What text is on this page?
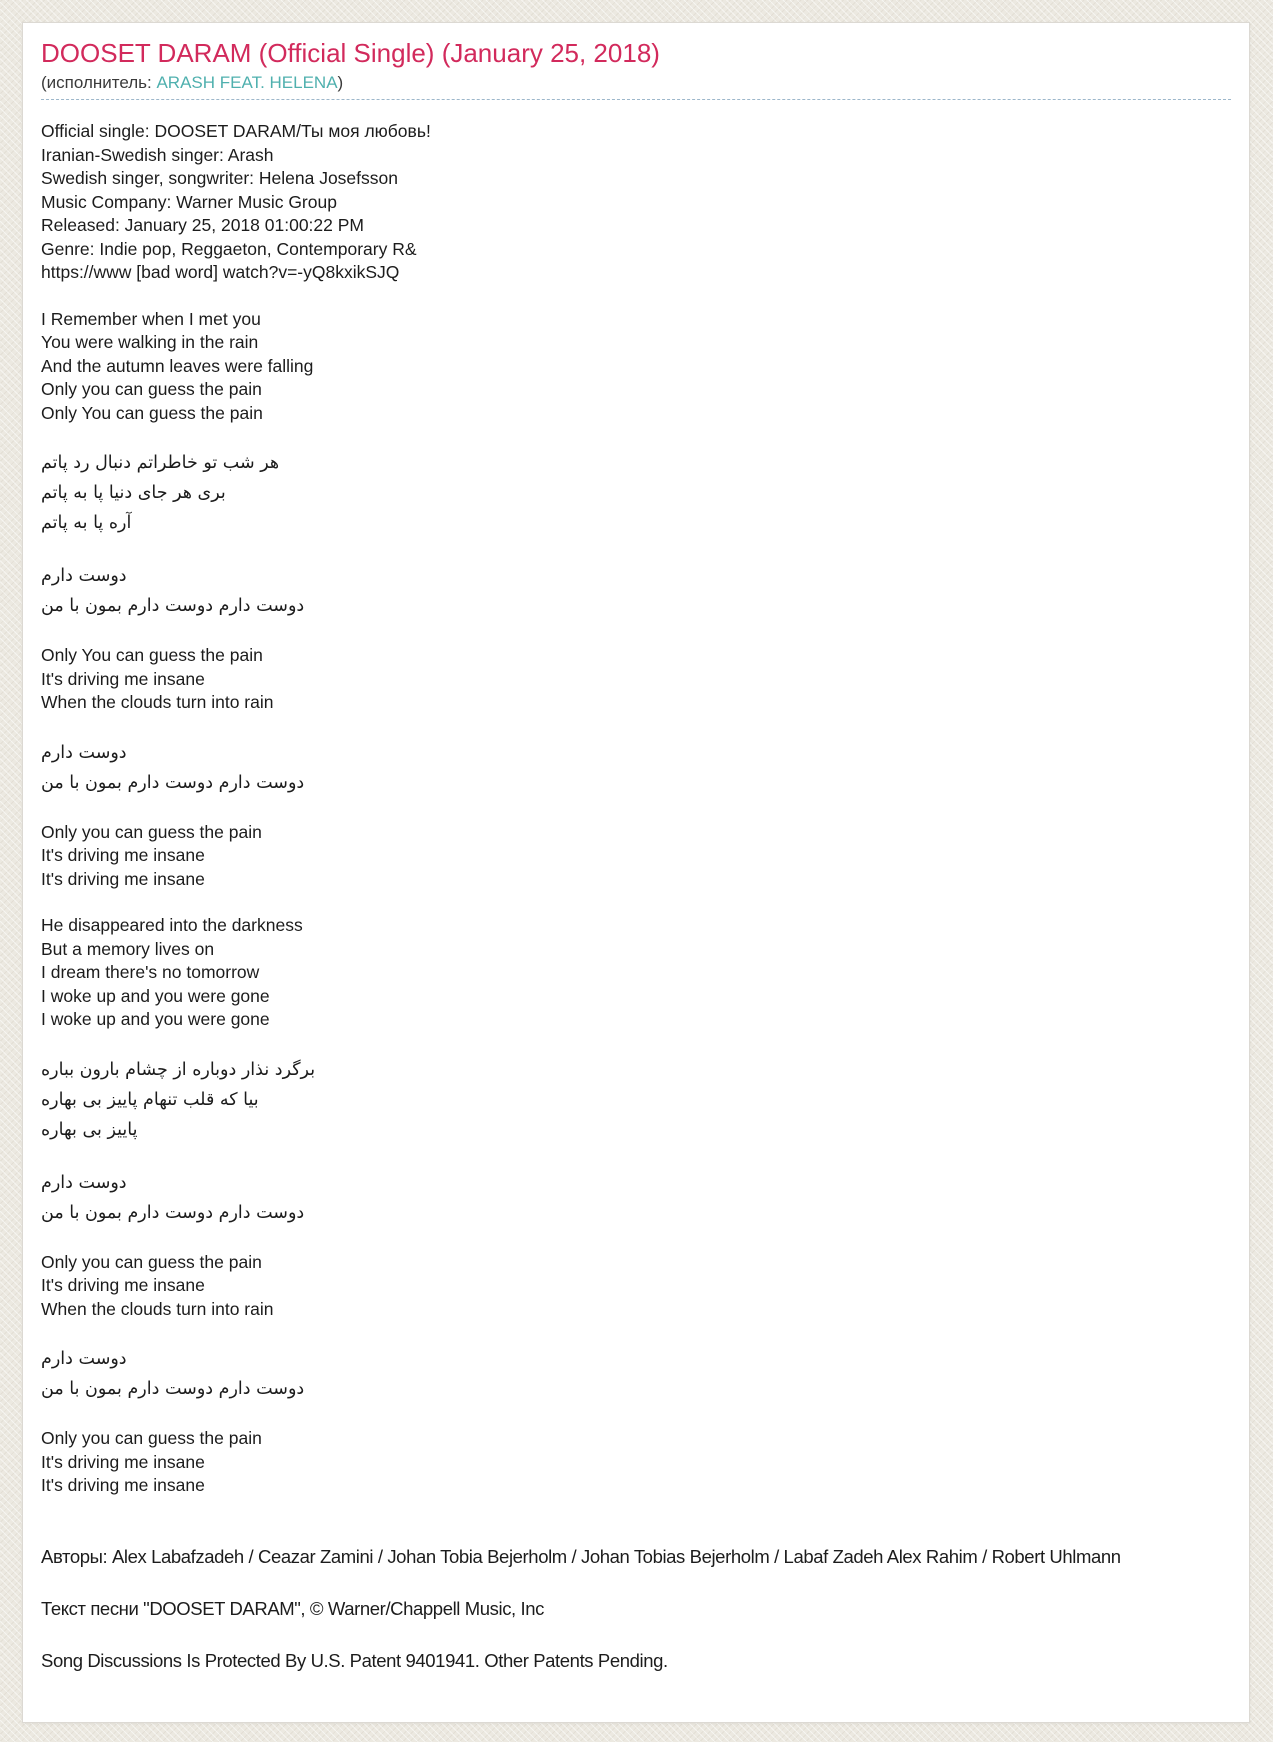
DOOSET DARAM (Official Single) (January 25, 2018)
(исполнитель: ARASH FEAT. HELENA)
Official single: DOOSET DARAM/Ты моя любовь!
Iranian-Swedish singer: Arash
Swedish singer, songwriter: Helena Josefsson
Music Company: Warner Music Group
Released: January 25, 2018 01:00:22 PM
Genre: Indie pop, Reggaeton, Contemporary R&
https://www [bad word] watch?v=-yQ8kxikSJQ
I Remember when I met you
You were walking in the rain
And the autumn leaves were falling
Only you can guess the pain
Only You can guess the pain
هر شب تو خاطراتم دنبال رد پاتم
برى هر جاى دنيا پا به پاتم
آره پا به پاتم
دوست دارم
دوست دارم دوست دارم بمون با من
Only You can guess the pain
It's driving me insane
When the clouds turn into rain
دوست دارم
دوست دارم دوست دارم بمون با من
Only you can guess the pain
It's driving me insane
It's driving me insane
He disappeared into the darkness
But a memory lives on
I dream there's no tomorrow
I woke up and you were gone
I woke up and you were gone
برگرد نذار دوباره از چشام بارون بباره
بيا كه قلب تنهام پاييز بى بهاره
پاييز بى بهاره
دوست دارم
دوست دارم دوست دارم بمون با من
Only you can guess the pain
It's driving me insane
When the clouds turn into rain
دوست دارم
دوست دارم دوست دارم بمون با من
Only you can guess the pain
It's driving me insane
It's driving me insane

Авторы: Alex Labafzadeh / Ceazar Zamini / Johan Tobia Bejerholm / Johan Tobias Bejerholm / Labaf Zadeh Alex Rahim / Robert Uhlmann

Текст песни "DOOSET DARAM", © Warner/Chappell Music, Inc

Song Discussions Is Protected By U.S. Patent 9401941. Other Patents Pending.
